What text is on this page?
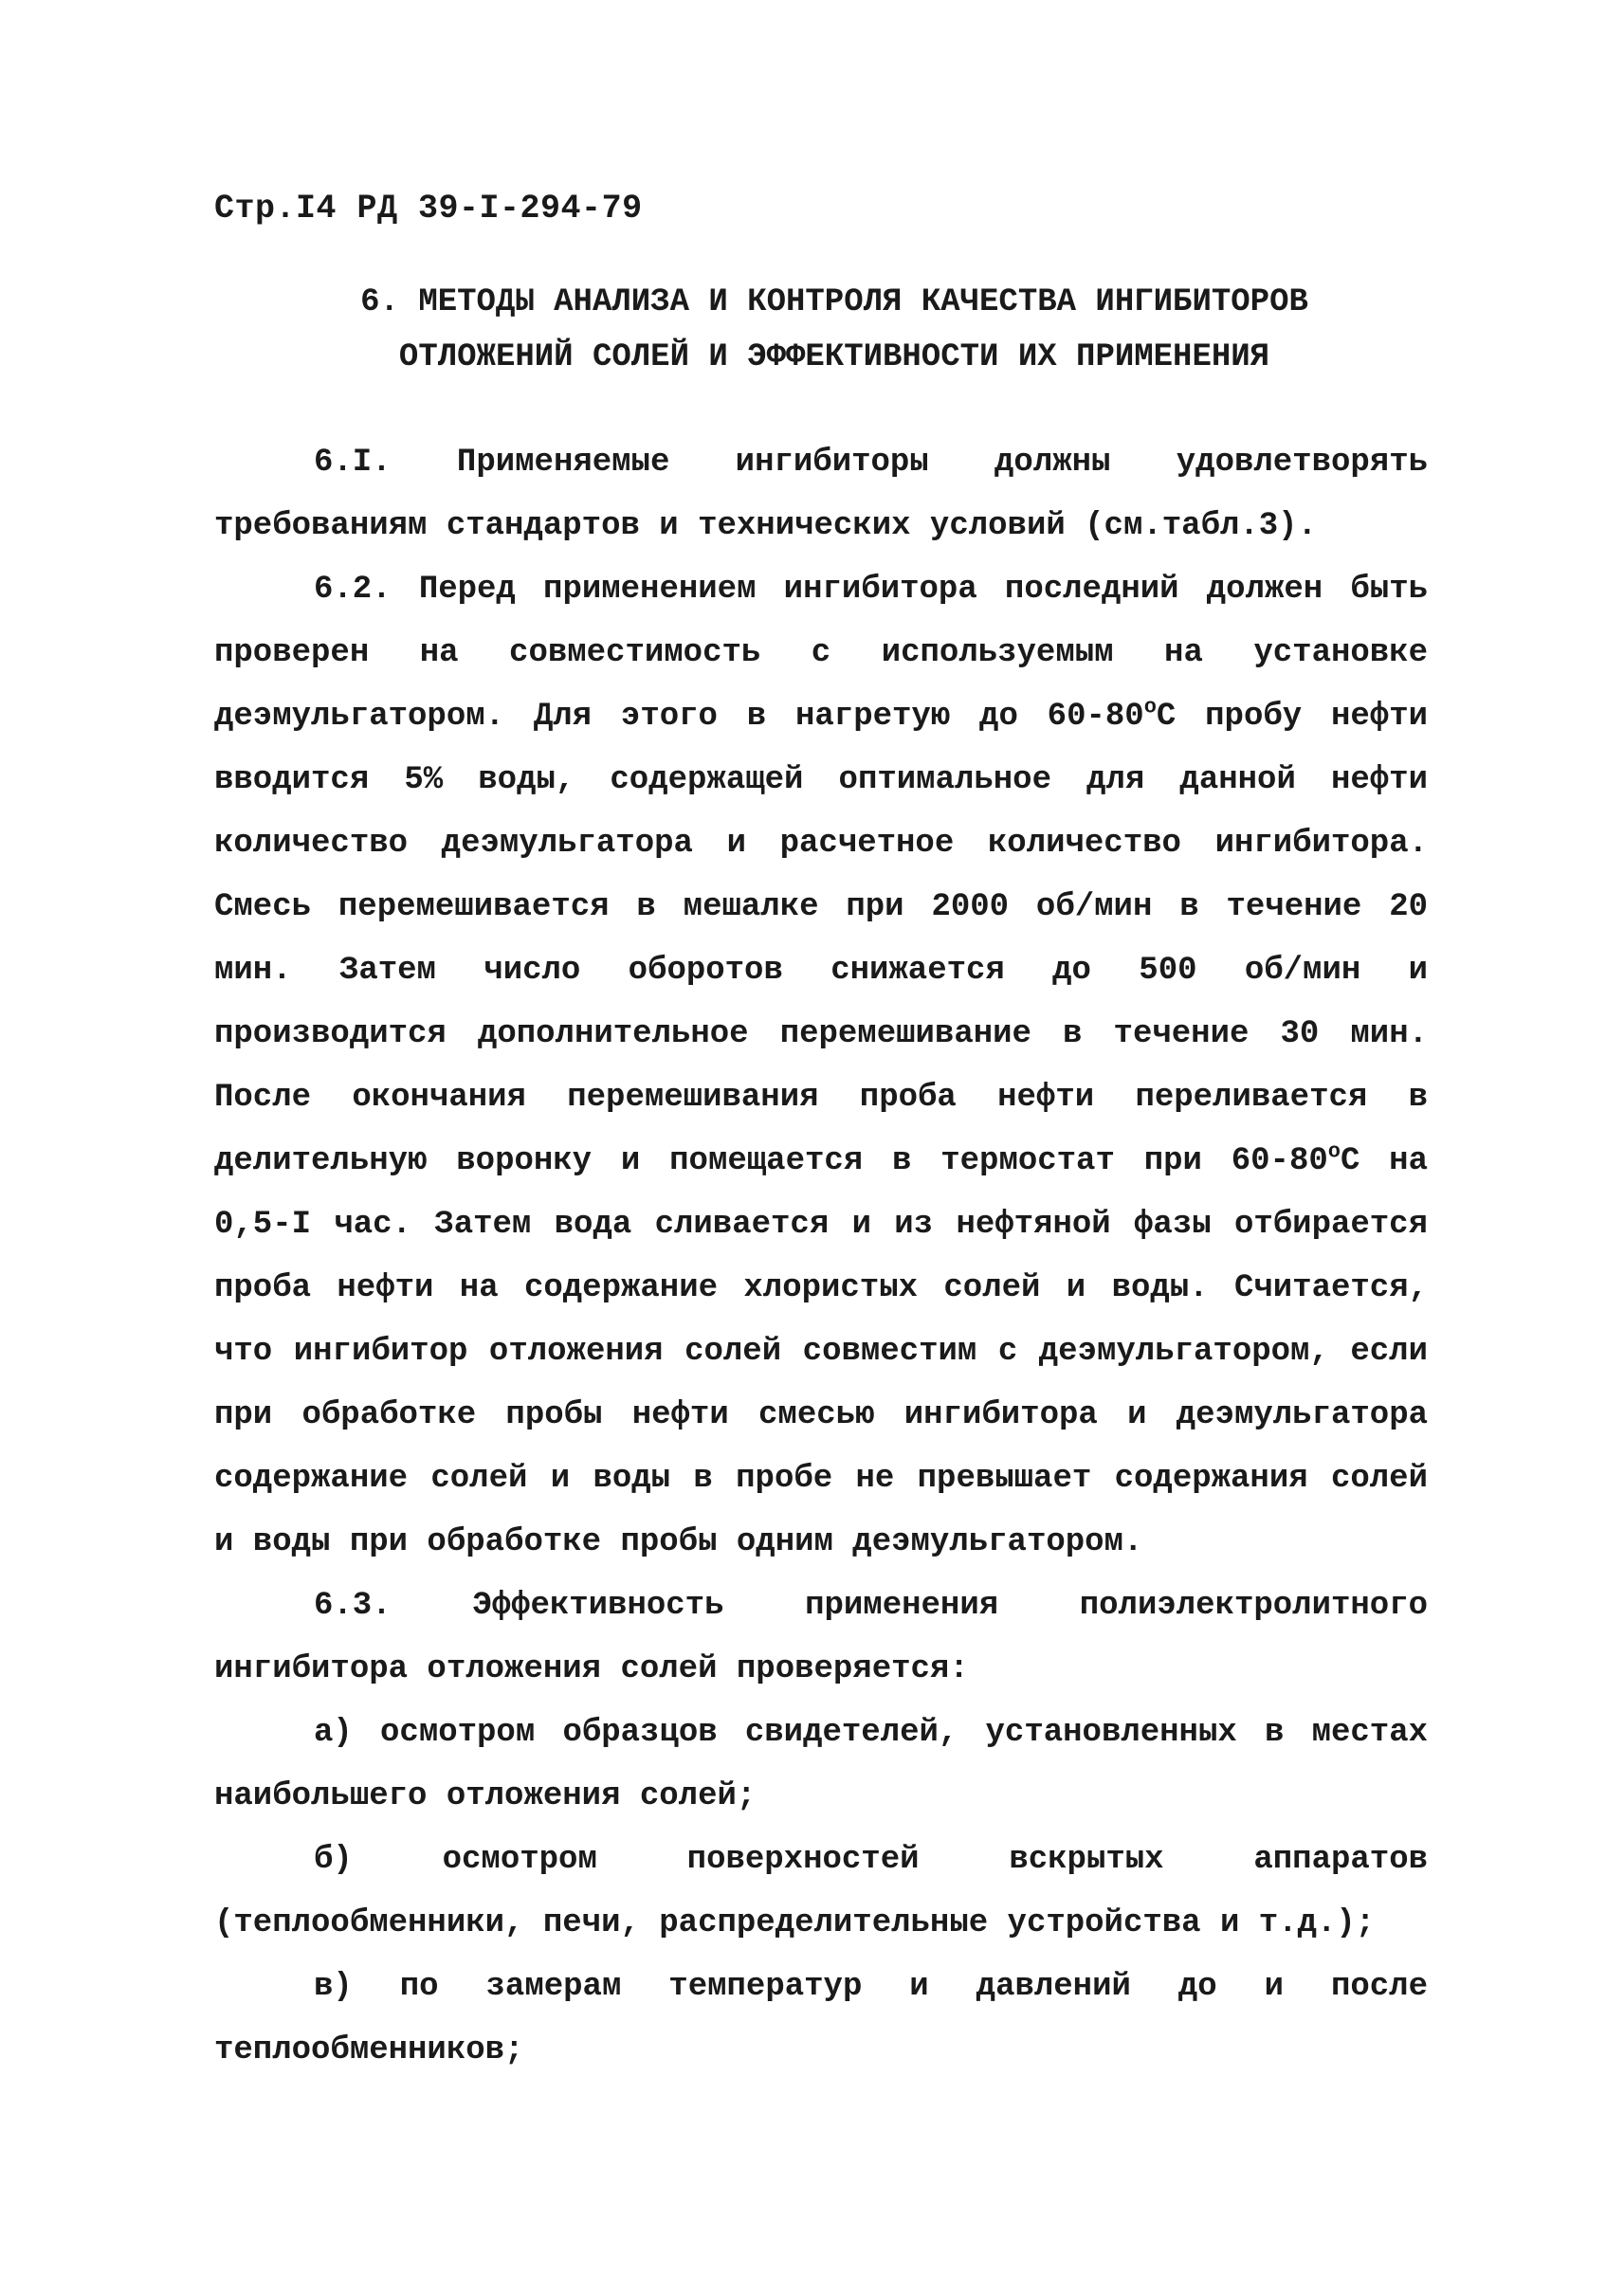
Стр.I4 РД 39-I-294-79
6. МЕТОДЫ АНАЛИЗА И КОНТРОЛЯ КАЧЕСТВА ИНГИБИТОРОВ
ОТЛОЖЕНИЙ СОЛЕЙ И ЭФФЕКТИВНОСТИ ИХ ПРИМЕНЕНИЯ

6.I. Применяемые ингибиторы должны удовлетворять требованиям стандартов и технических условий (см.табл.3).

6.2. Перед применением ингибитора последний должен быть проверен на совместимость с используемым на установке деэмульгатором. Для этого в нагретую до 60-80$^o$С пробу нефти вводится 5% воды, содержащей оптимальное для данной нефти количество деэмульгатора и расчетное количество ингибитора. Смесь перемешивается в мешалке при 2000 об/мин в течение 20 мин. Затем число оборотов снижается до 500 об/мин и производится дополнительное перемешивание в течение 30 мин. После окончания перемешивания проба нефти переливается в делительную воронку и помещается в термостат при 60-80$^o$С на 0,5-I час. Затем вода сливается и из нефтяной фазы отбирается проба нефти на содержание хлористых солей и воды. Считается, что ингибитор отложения солей совместим с деэмульгатором, если при обработке пробы нефти смесью ингибитора и деэмульгатора содержание солей и воды в пробе не превышает содержания солей и воды при обработке пробы одним деэмульгатором.

6.3. Эффективность применения полиэлектролитного ингибитора отложения солей проверяется:

а) осмотром образцов свидетелей, установленных в местах наибольшего отложения солей;

б) осмотром поверхностей вскрытых аппаратов (теплообменники, печи, распределительные устройства и т.д.);

в) по замерам температур и давлений до и после теплообменников;
